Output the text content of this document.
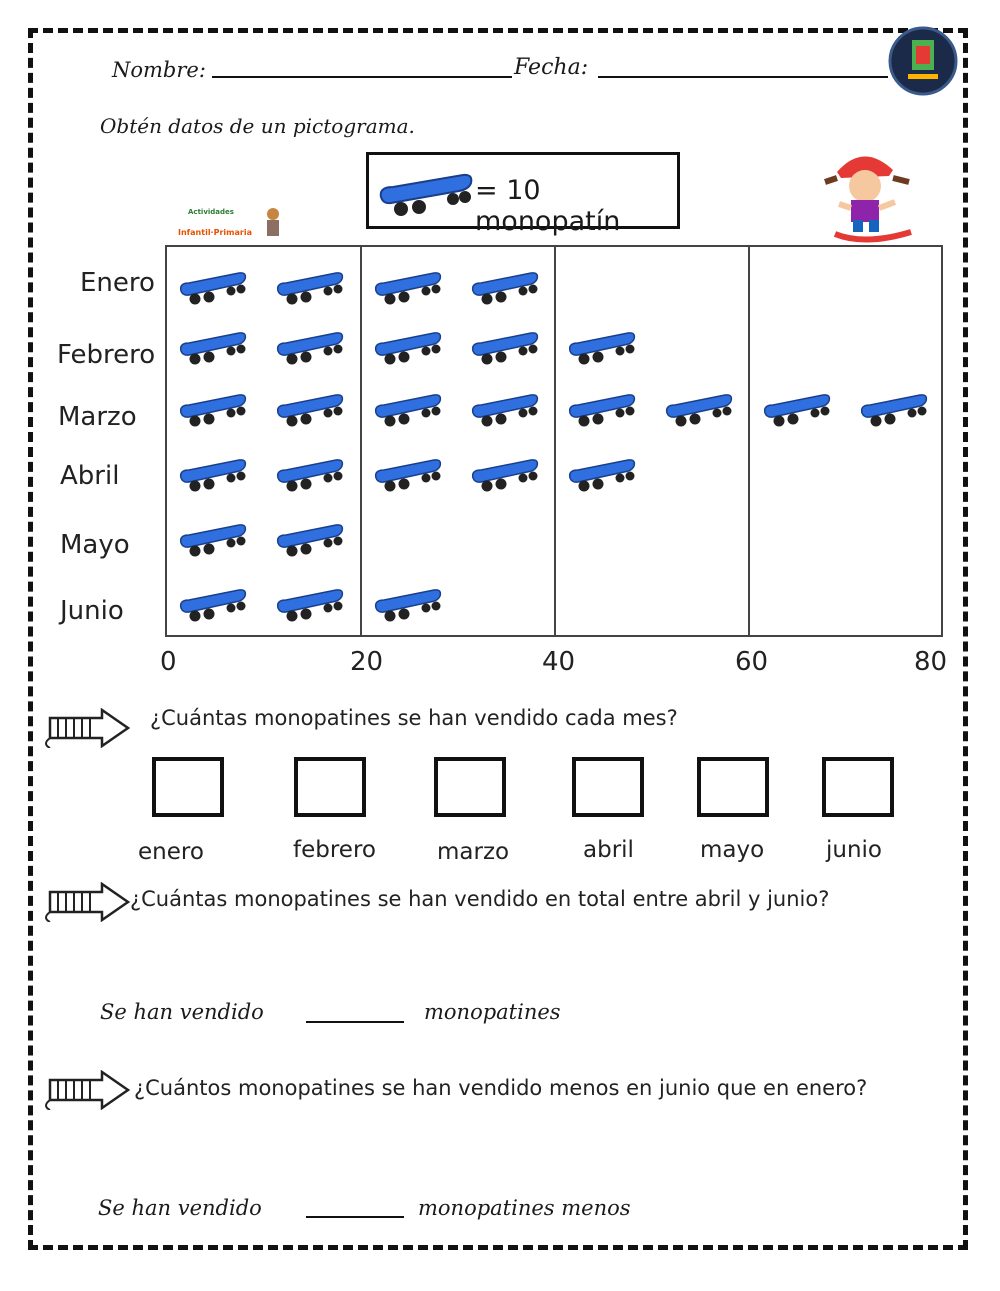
Nombre:	Fecha:
Obtén datos de un pictograma.
= 10 monopatín
Actividades
Infantil·Primaria
Enero
Febrero
Marzo
Abril
Mayo
Junio
0	20	40	60	80
¿Cuántas monopatines se han vendido cada mes?
enero	febrero	marzo	abril	mayo	junio
¿Cuántas monopatines se han vendido en total entre abril y junio?
Se han vendido	monopatines
¿Cuántos monopatines se han vendido menos en junio que en enero?
Se han vendido	monopatines menos
